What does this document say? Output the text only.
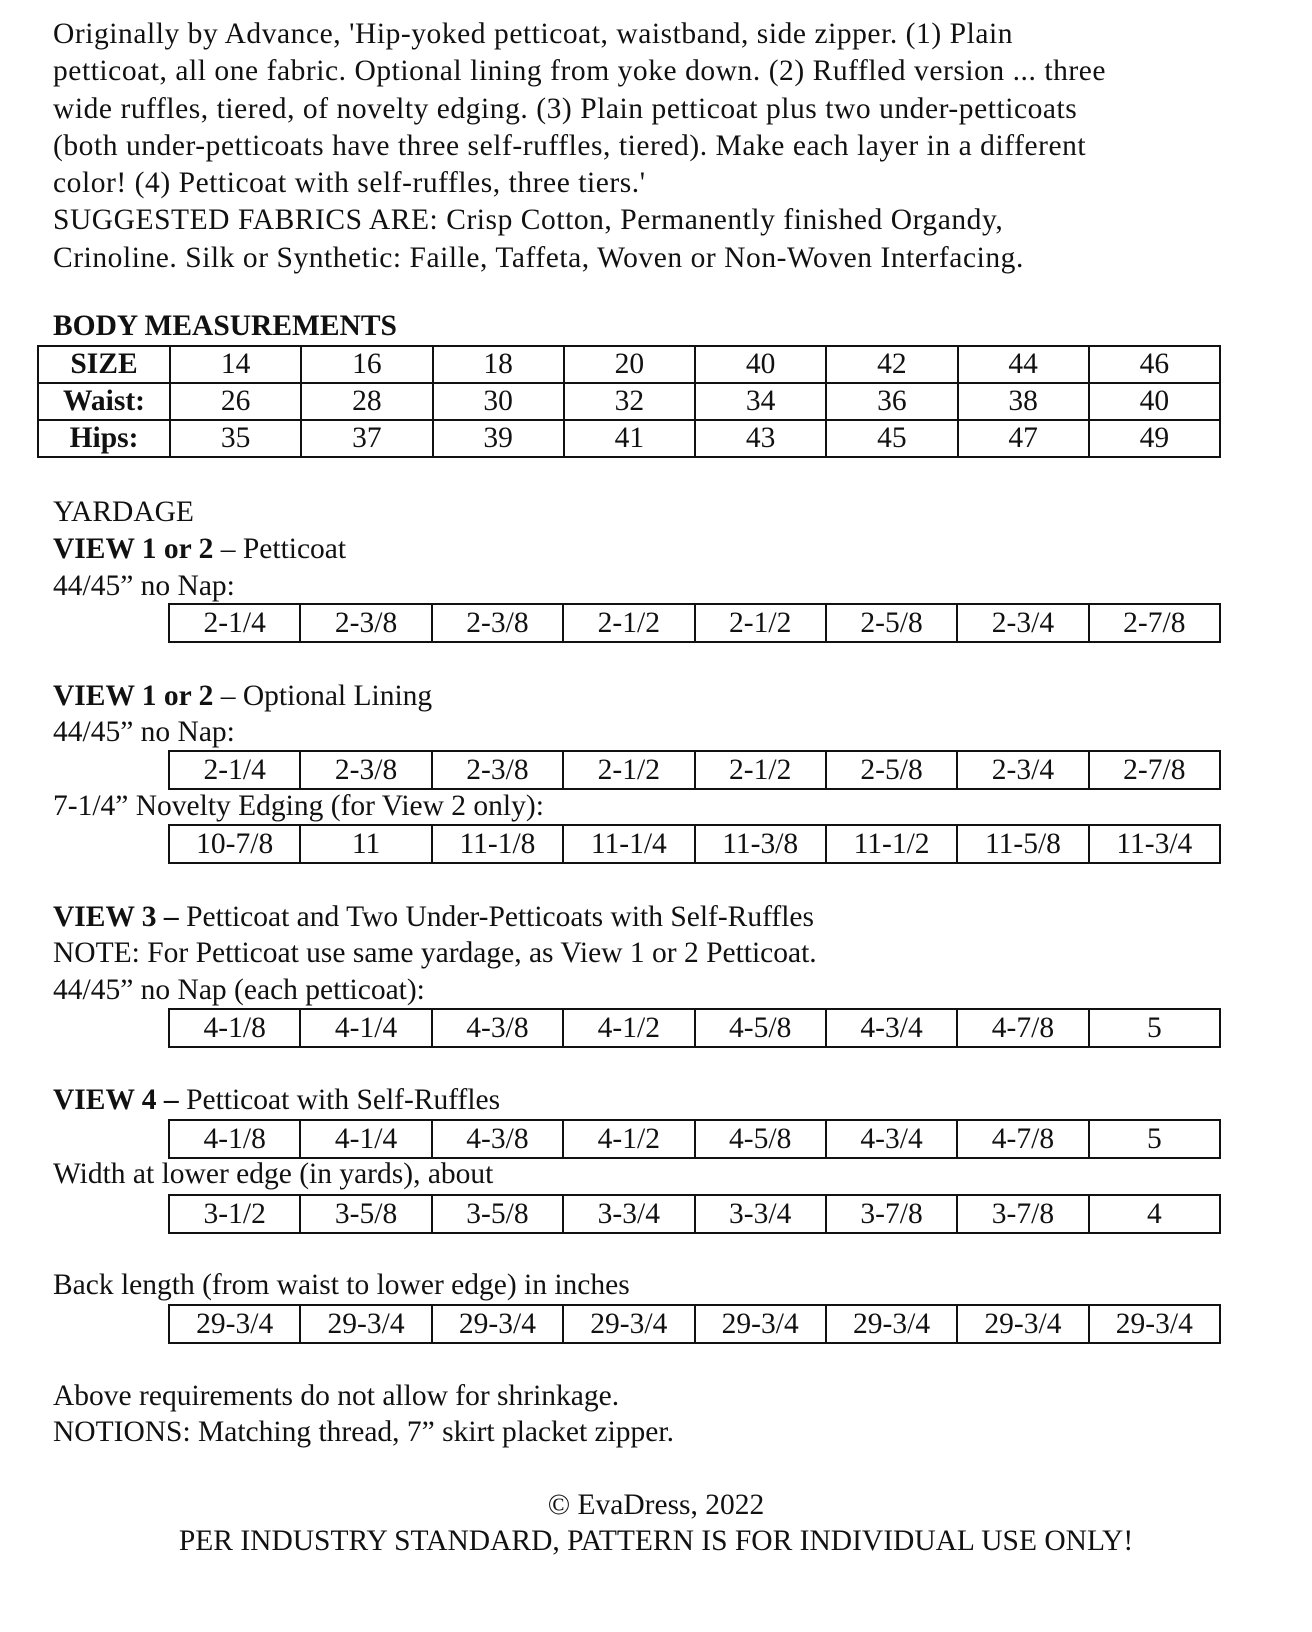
Originally by Advance, 'Hip-yoked petticoat, waistband, side zipper. (1) Plain
petticoat, all one fabric. Optional lining from yoke down. (2) Ruffled version ... three
wide ruffles, tiered, of novelty edging. (3) Plain petticoat plus two under-petticoats
(both under-petticoats have three self-ruffles, tiered). Make each layer in a different
color! (4) Petticoat with self-ruffles, three tiers.'
SUGGESTED FABRICS ARE: Crisp Cotton, Permanently finished Organdy,
Crinoline. Silk or Synthetic: Faille, Taffeta, Woven or Non-Woven Interfacing.
BODY MEASUREMENTS
SIZE	14	16	18	20	40	42	44	46
Waist:	26	28	30	32	34	36	38	40
Hips:	35	37	39	41	43	45	47	49
YARDAGE
VIEW 1 or 2 – Petticoat
44/45” no Nap:
2-1/4	2-3/8	2-3/8	2-1/2	2-1/2	2-5/8	2-3/4	2-7/8
VIEW 1 or 2 – Optional Lining
44/45” no Nap:
2-1/4	2-3/8	2-3/8	2-1/2	2-1/2	2-5/8	2-3/4	2-7/8
7-1/4” Novelty Edging (for View 2 only):
10-7/8	11	11-1/8	11-1/4	11-3/8	11-1/2	11-5/8	11-3/4
VIEW 3 – Petticoat and Two Under-Petticoats with Self-Ruffles
NOTE: For Petticoat use same yardage, as View 1 or 2 Petticoat.
44/45” no Nap (each petticoat):
4-1/8	4-1/4	4-3/8	4-1/2	4-5/8	4-3/4	4-7/8	5
VIEW 4 – Petticoat with Self-Ruffles
4-1/8	4-1/4	4-3/8	4-1/2	4-5/8	4-3/4	4-7/8	5
Width at lower edge (in yards), about
3-1/2	3-5/8	3-5/8	3-3/4	3-3/4	3-7/8	3-7/8	4
Back length (from waist to lower edge) in inches
29-3/4	29-3/4	29-3/4	29-3/4	29-3/4	29-3/4	29-3/4	29-3/4
Above requirements do not allow for shrinkage.
NOTIONS: Matching thread, 7” skirt placket zipper.
© EvaDress, 2022
PER INDUSTRY STANDARD, PATTERN IS FOR INDIVIDUAL USE ONLY!
